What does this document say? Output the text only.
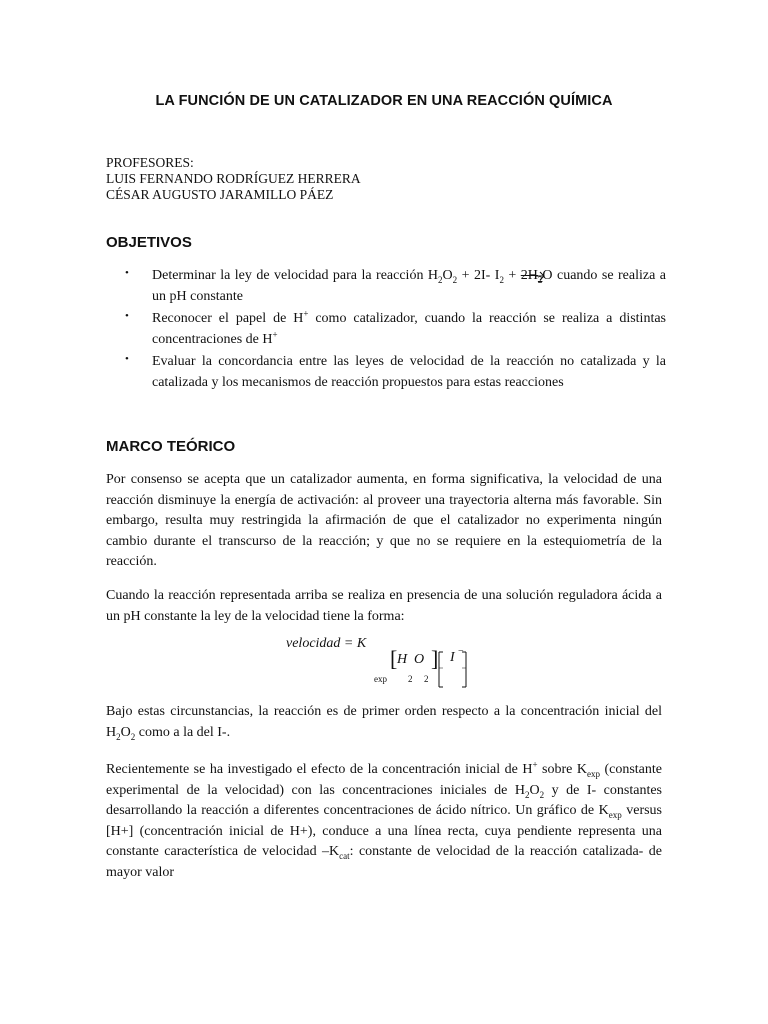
LA FUNCIÓN DE UN CATALIZADOR EN UNA REACCIÓN QUÍMICA
PROFESORES:
LUIS FERNANDO RODRÍGUEZ HERRERA
CÉSAR AUGUSTO JARAMILLO PÁEZ
OBJETIVOS
• Determinar la ley de velocidad para la reacción $H_2O_2 + 2I-$ $I_2 + 2H_2$
O cuando se realiza a un pH constante
• Reconocer el papel de H+ como catalizador, cuando la reacción se realiza a distintas concentraciones de H+
• Evaluar la concordancia entre las leyes de velocidad de la reacción no catalizada y la catalizada y los mecanismos de reacción propuestos para estas reacciones
MARCO TEÓRICO

Por consenso se acepta que un catalizador aumenta, en forma significativa, la velocidad de una reacción disminuye la energía de activación: al proveer una trayectoria alterna más favorable. Sin embargo, resulta muy restringida la afirmación de que el catalizador no experimenta ningún cambio durante el transcurso de la reacción; y que no se requiere en la estequiometría de la reacción.

Cuando la reacción representada arriba se realiza en presencia de una solución reguladora ácida a un pH constante la ley de la velocidad tiene la forma:

velocidad = K
exp
[ H O
2 2
] I −

Bajo estas circunstancias, la reacción es de primer orden respecto a la concentración inicial del $H_2O_2$ como a la del I-.

Recientemente se ha investigado el efecto de la concentración inicial de H+ sobre $K_{exp}$ (constante experimental de la velocidad) con las concentraciones iniciales de $H_2O_2$ y de I- constantes desarrollando la reacción a diferentes concentraciones de ácido nítrico. Un gráfico de $K_{exp}$ versus [H+] (concentración inicial de H+), conduce a una línea recta, cuya pendiente representa una constante característica de velocidad $-K_{cat}$: constante de velocidad de la reacción catalizada- de mayor valor
